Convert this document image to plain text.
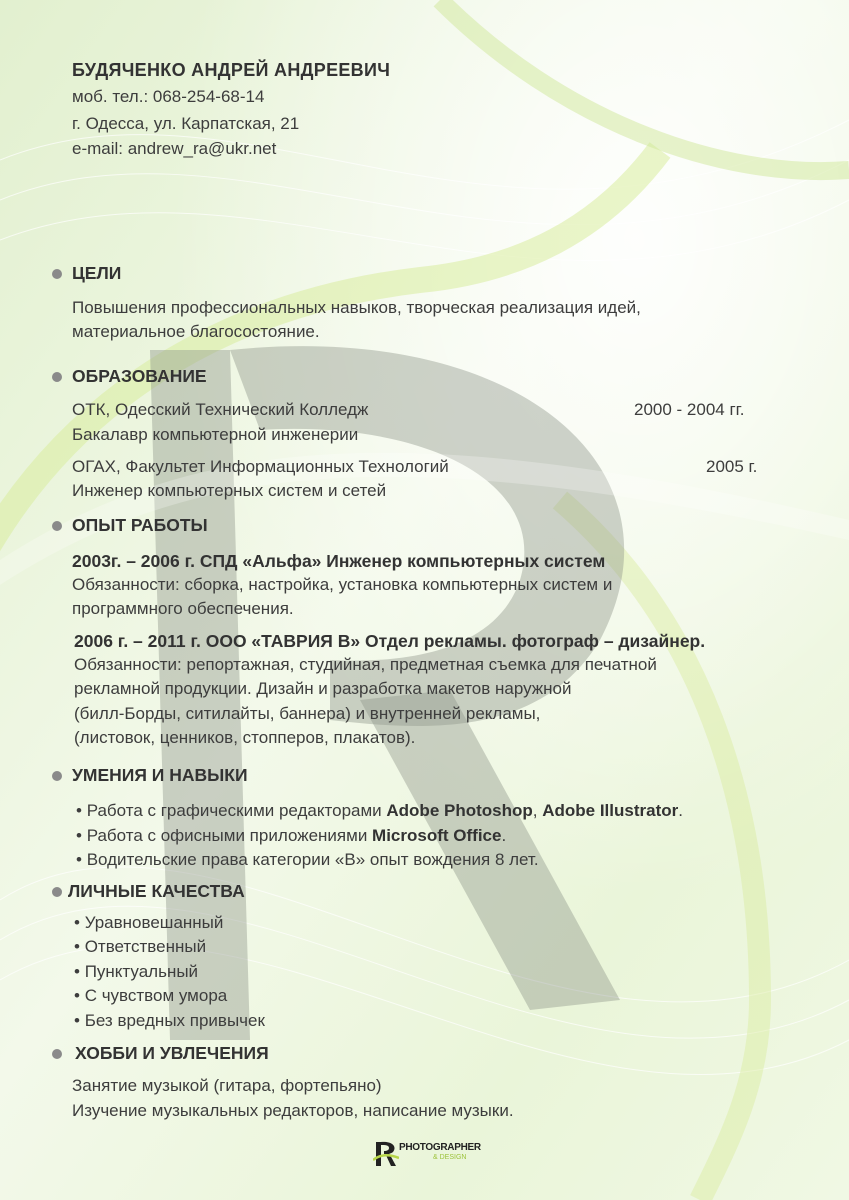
БУДЯЧЕНКО АНДРЕЙ АНДРЕЕВИЧ
моб. тел.: 068-254-68-14
г. Одесса, ул. Карпатская, 21
e-mail: andrew_ra@ukr.net
ЦЕЛИ
Повышения профессиональных навыков, творческая реализация идей,
материальное благосостояние.
ОБРАЗОВАНИЕ
ОТК, Одесский Технический Колледж	2000 - 2004 гг.
Бакалавр компьютерной инженерии
ОГАХ, Факультет Информационных Технологий	2005 г.
Инженер компьютерных систем и сетей
ОПЫТ РАБОТЫ
2003г. – 2006 г. СПД «Альфа» Инженер компьютерных систем
Обязанности: сборка, настройка, установка компьютерных систем и
программного обеспечения.
2006 г. – 2011 г. ООО «ТАВРИЯ В» Отдел рекламы. фотограф – дизайнер.
Обязанности: репортажная, студийная, предметная съемка для печатной
рекламной продукции. Дизайн и разработка макетов наружной
(билл-Борды, ситилайты, баннера) и внутренней рекламы,
(листовок, ценников, стопперов, плакатов).
УМЕНИЯ И НАВЫКИ
• Работа с графическими редакторами Adobe Photoshop, Adobe Illustrator.
• Работа с офисными приложениями Microsoft Office.
• Водительские права категории «В» опыт вождения 8 лет.
ЛИЧНЫЕ КАЧЕСТВА
• Уравновешанный
• Ответственный
• Пунктуальный
• С чувством умора
• Без вредных привычек
ХОББИ И УВЛЕЧЕНИЯ
Занятие музыкой (гитара, фортепьяно)
Изучение музыкальных редакторов, написание музыки.
PHOTOGRAPHER
& DESIGN
